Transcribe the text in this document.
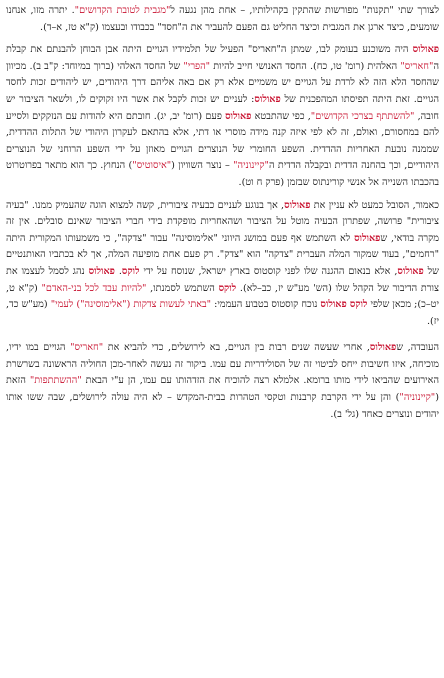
לצורך שתי "תקנות" מפורשות שהתקין בקהילותיו, – אחת מהן נגעה ל"מגבית לטובת הקדושים". יתרה מזו, אנחנו שומעים, כיצד ארגן את המגבית וכיצד החליט גם הפעם להעביר את ה"חסד" בכבודו ובעצמו (ק"א טז, א–ד).

פאולוס היה משוכנע בעומק לבו, שמתן ה"חאריס" הפעיל של תלמידיו הגויים היתה אבן הבוחן להבנתם את קבלת ה"חאריס" האלהית (רומ' טו, כח). החסד האנושי חייב להיות "הפרי" של החסד האלהי (ברוך במיוחד: ק"ב ב). מכיוון שהחסד הלא הזה לא לרדת על הגויים יש משמיים אלא רק אם באה אליהם דרך היהודים, יש ליהודים זכות לחסד הגויים. זאת היתה תפיסתו המהפכנית של פאולוס: לעניים יש זכות לקבל את אשר היו זקוקים לו, ולשאר הציבור יש חובה, "להשתתף בצרכי הקדושים", כפי שהתבטא פאולוס פעם (רומ' יב, יג). חובתם היא להודות עם הנזקקים ולסייע להם במחסורם, ואולם, זה לא לפי איזה קנה מידה מוסרי או דתי, אלא בהתאם לעקרון היהודי של התלות ההדדית, שממנה נובעת האחריות ההדדית. השפע החומרי של הנוצרים הגויים מאוזן על ידי השפע הרוחני של הנוצרים היהודיים, וכך בהחנה הדדית ובקבלה הדדית ה"קיינוניה" – נוצר השוויון ("איסוטיס") הנחוץ. כך הוא מתאר בפרוטרוט בהכבתו השנייה אל אנשי קורינתוס שבזמן (פרק ח וט).

כאמור, הסובל כמעט לא עניין את פאולוס, אך בנוגע לעניים כבעיה ציבורית, קשה למצוא הוגה שהעמיק ממנו. "בעיה ציבורית" פרושה, שפתרון הבעיה מוטל על הציבור ושהאחריות מופקדת בידי חברי הציבור שאינם סובלים. אין זה מקרה בודאי, שפאולוס לא השתמש אף פעם במושג היווני "אלימוסינה" עבור "צדקה", כי משמעותו המקורית היתה "רחמים", בעוד שמקור המלה העברית "צדקה" הוא "צדק". רק פעם אחת מופיעה המלה, אך לא בכתביו האותנטיים של פאולוס, אלא בנאום ההגנה שלו לפני קוסטוס בארץ ישראל, שנוסח על ידי לוקס. פאולוס נהג לסמל לעצמו את צורת הדיבור של הקהל שלו (הש' מע"ש יז, כב–לא). לוקס השתמש לסמנתו, "להיות עבד לכל בני-האדם" (ק"א ט, יט–כ); מכאן שלפי לוקס פאולוס נוכח קוסטוס בטבוע העממי: "באתי לעשות צדקות ("אלימוסינה") לעמי" (מע"ש כד, יז).

העובדה, שפאולוס, אחרי שעשה שנים רבות בין הגויים, בא לירושלים, כדי להביא את "חאריס" הגויים במו ידיו, מוכיחה, איזו חשיבות ייחס לביטוי זה של הסולידריות עם עמו. ביקור זה נעשה לאחר-מכן החוליה הראשונה בשרשרת האירועים שהביאו לידי מותו ברומא. אלמלא רצה להוכיח את הזדהותו עם עמו, הן ע"י הבאת "ההשתתפות" הזאת ("קיינוניה") והן על ידי הקרבת קרבנות וטקסי הטהרות בבית-המקדש – לא היה עולה לירושלים, שבה ששו אותו יהודים ונוצרים כאחד (גל' ב).
